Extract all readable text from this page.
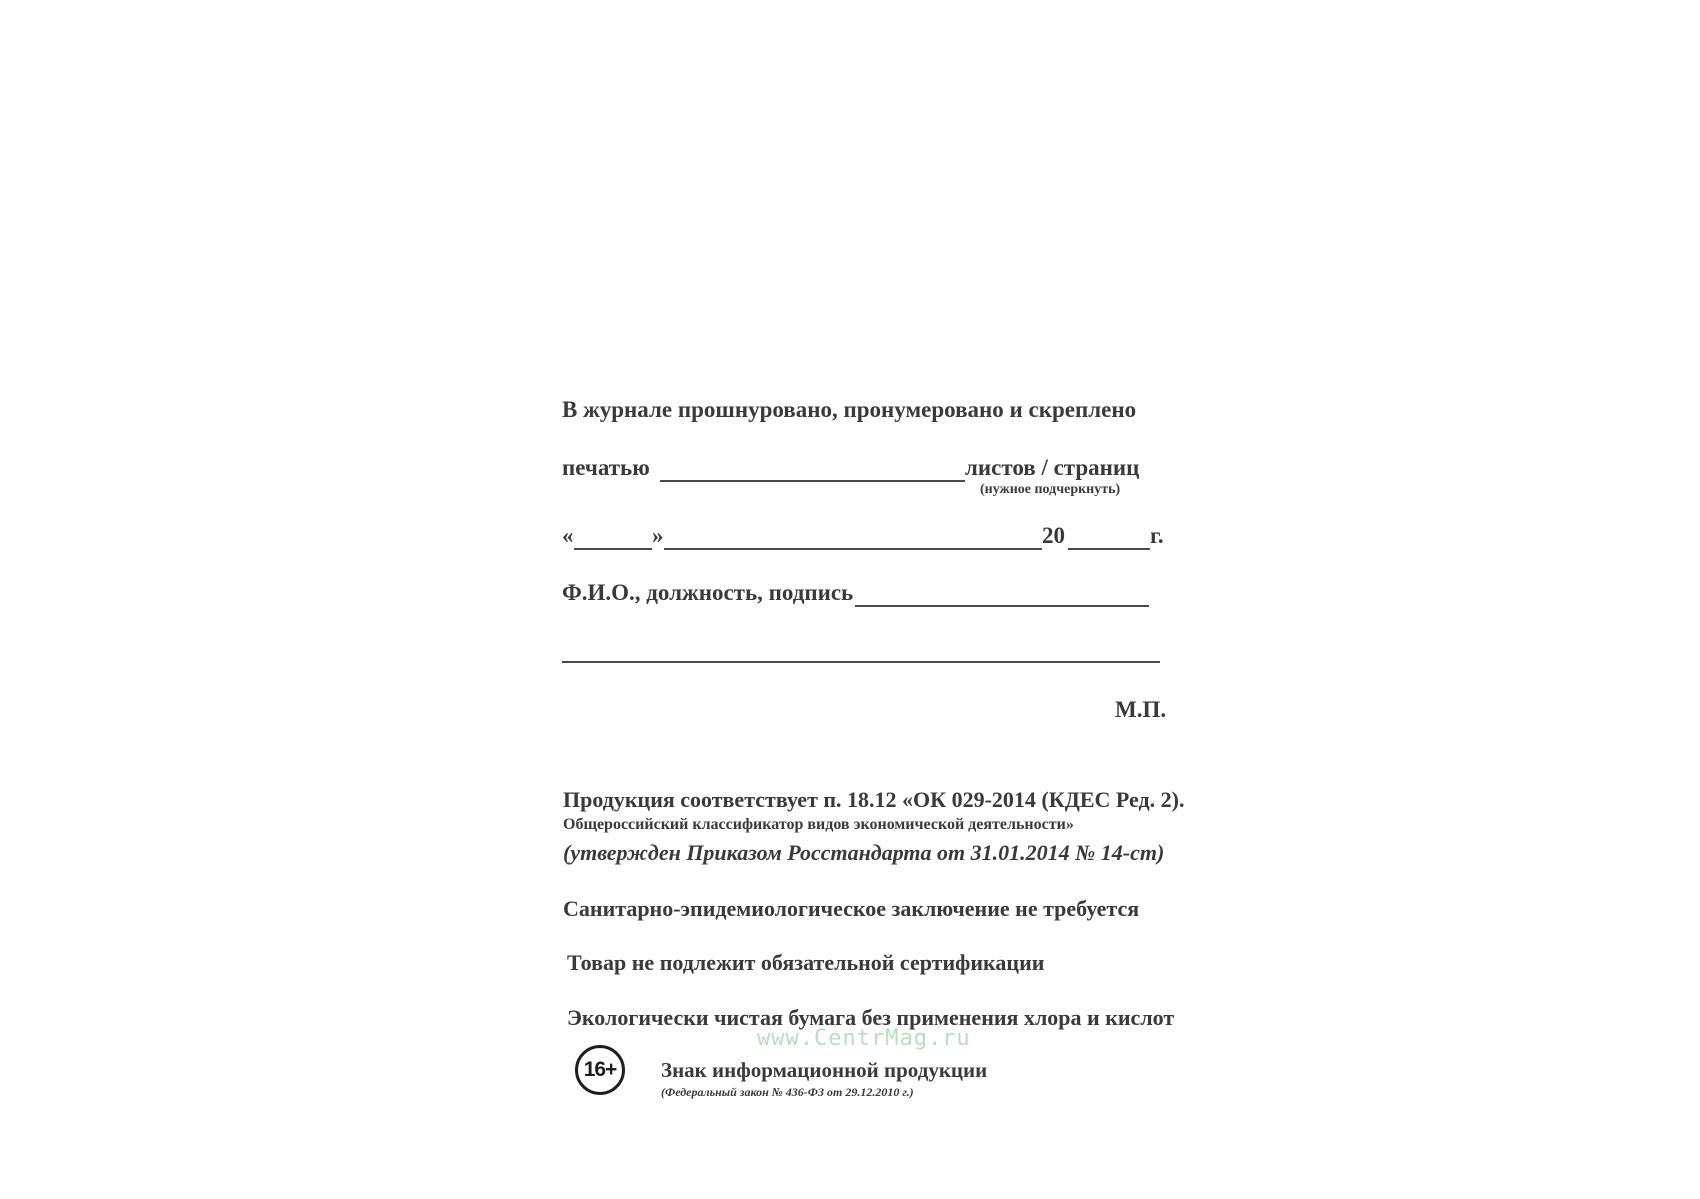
В журнале прошнуровано, пронумеровано и скреплено
печатью	листов / страниц
(нужное подчеркнуть)
«	»	20	г.
Ф.И.О., должность, подпись
М.П.
Продукция соответствует п. 18.12 «ОК 029-2014 (КДЕС Ред. 2).
Общероссийский классификатор видов экономической деятельности»
(утвержден Приказом Росстандарта от 31.01.2014 № 14-ст)
Санитарно-эпидемиологическое заключение не требуется
Товар не подлежит обязательной сертификации
Экологически чистая бумага без применения хлора и кислот
www.CentrMag.ru
16+	Знак информационной продукции
(Федеральный закон № 436-ФЗ от 29.12.2010 г.)
